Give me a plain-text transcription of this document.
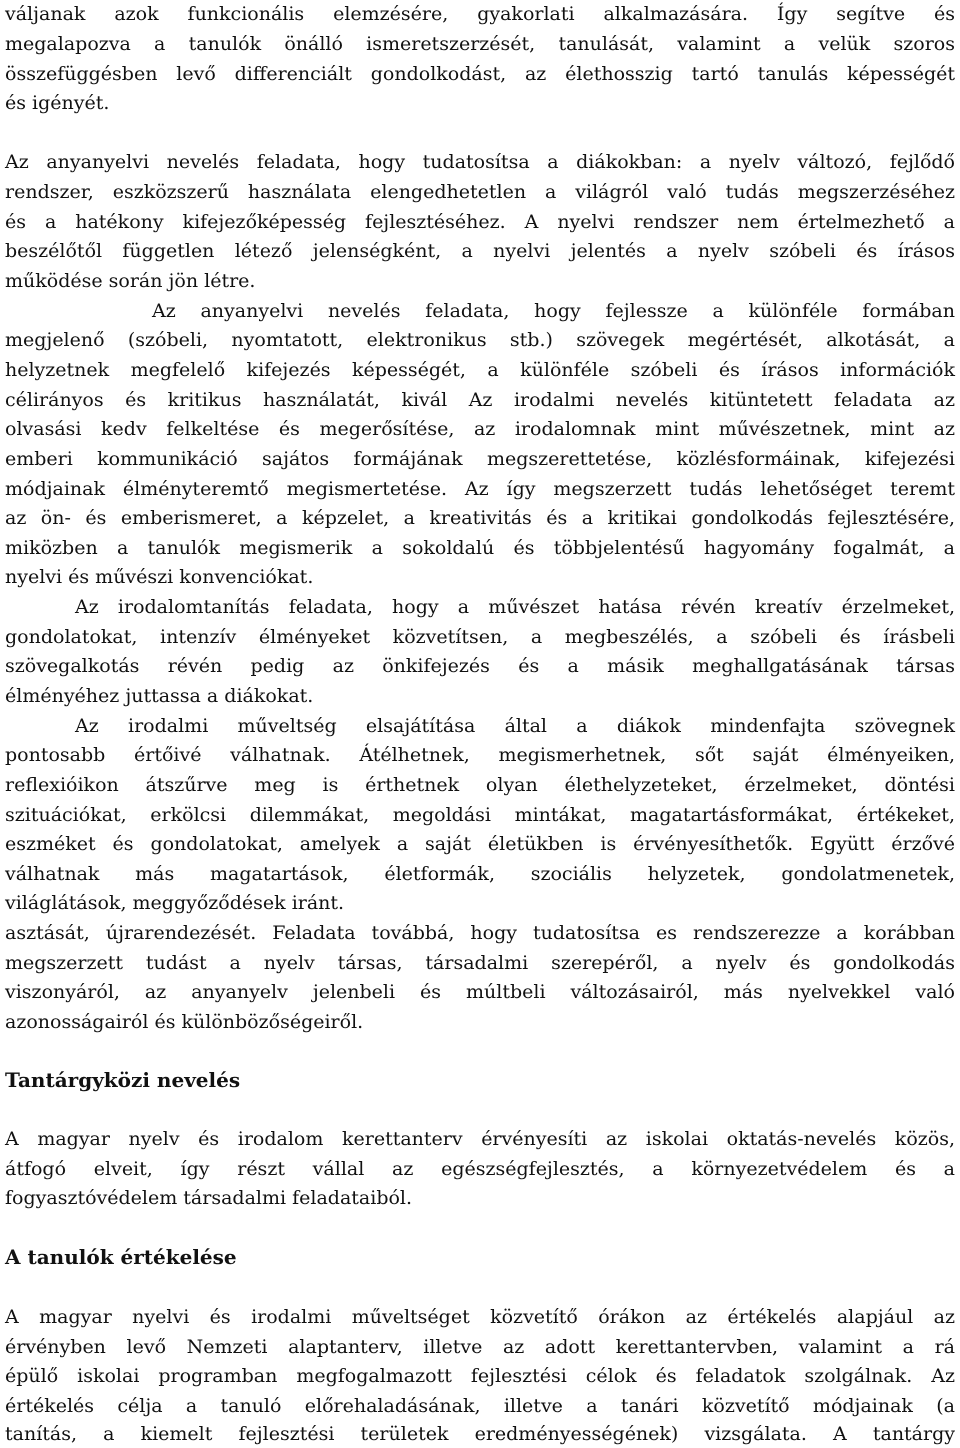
váljanak azok funkcionális elemzésére, gyakorlati alkalmazására. Így segítve és
megalapozva a tanulók önálló ismeretszerzését, tanulását, valamint a velük szoros
összefüggésben levő differenciált gondolkodást, az élethosszig tartó tanulás képességét
és igényét.
Az anyanyelvi nevelés feladata, hogy tudatosítsa a diákokban: a nyelv változó, fejlődő
rendszer, eszközszerű használata elengedhetetlen a világról való tudás megszerzéséhez
és a hatékony kifejezőképesség fejlesztéséhez. A nyelvi rendszer nem értelmezhető a
beszélőtől független létező jelenségként, a nyelvi jelentés a nyelv szóbeli és írásos
működése során jön létre.
Az anyanyelvi nevelés feladata, hogy fejlessze a különféle formában
megjelenő (szóbeli, nyomtatott, elektronikus stb.) szövegek megértését, alkotását, a
helyzetnek megfelelő kifejezés képességét, a különféle szóbeli és írásos információk
célirányos és kritikus használatát, kivál Az irodalmi nevelés kitüntetett feladata az
olvasási kedv felkeltése és megerősítése, az irodalomnak mint művészetnek, mint az
emberi kommunikáció sajátos formájának megszerettetése, közlésformáinak, kifejezési
módjainak élményteremtő megismertetése. Az így megszerzett tudás lehetőséget teremt
az ön- és emberismeret, a képzelet, a kreativitás és a kritikai gondolkodás fejlesztésére,
miközben a tanulók megismerik a sokoldalú és többjelentésű hagyomány fogalmát, a
nyelvi és művészi konvenciókat.
Az irodalomtanítás feladata, hogy a művészet hatása révén kreatív érzelmeket,
gondolatokat, intenzív élményeket közvetítsen, a megbeszélés, a szóbeli és írásbeli
szövegalkotás révén pedig az önkifejezés és a másik meghallgatásának társas
élményéhez juttassa a diákokat.
Az irodalmi műveltség elsajátítása által a diákok mindenfajta szövegnek
pontosabb értőivé válhatnak. Átélhetnek, megismerhetnek, sőt saját élményeiken,
reflexióikon átszűrve meg is érthetnek olyan élethelyzeteket, érzelmeket, döntési
szituációkat, erkölcsi dilemmákat, megoldási mintákat, magatartásformákat, értékeket,
eszméket és gondolatokat, amelyek a saját életükben is érvényesíthetők. Együtt érzővé
válhatnak más magatartások, életformák, szociális helyzetek, gondolatmenetek,
világlátások, meggyőződések iránt.
asztását, újrarendezését. Feladata továbbá, hogy tudatosítsa es rendszerezze a korábban
megszerzett tudást a nyelv társas, társadalmi szerepéről, a nyelv és gondolkodás
viszonyáról, az anyanyelv jelenbeli és múltbeli változásairól, más nyelvekkel való
azonosságairól és különbözőségeiről.
Tantárgyközi nevelés
A magyar nyelv és irodalom kerettanterv érvényesíti az iskolai oktatás-nevelés közös,
átfogó elveit, így részt vállal az egészségfejlesztés, a környezetvédelem és a
fogyasztóvédelem társadalmi feladataiból.
A tanulók értékelése
A magyar nyelvi és irodalmi műveltséget közvetítő órákon az értékelés alapjául az
érvényben levő Nemzeti alaptanterv, illetve az adott kerettantervben, valamint a rá
épülő iskolai programban megfogalmazott fejlesztési célok és feladatok szolgálnak. Az
értékelés célja a tanuló előrehaladásának, illetve a tanári közvetítő módjainak (a
tanítás, a kiemelt fejlesztési területek eredményességének) vizsgálata. A tantárgy
